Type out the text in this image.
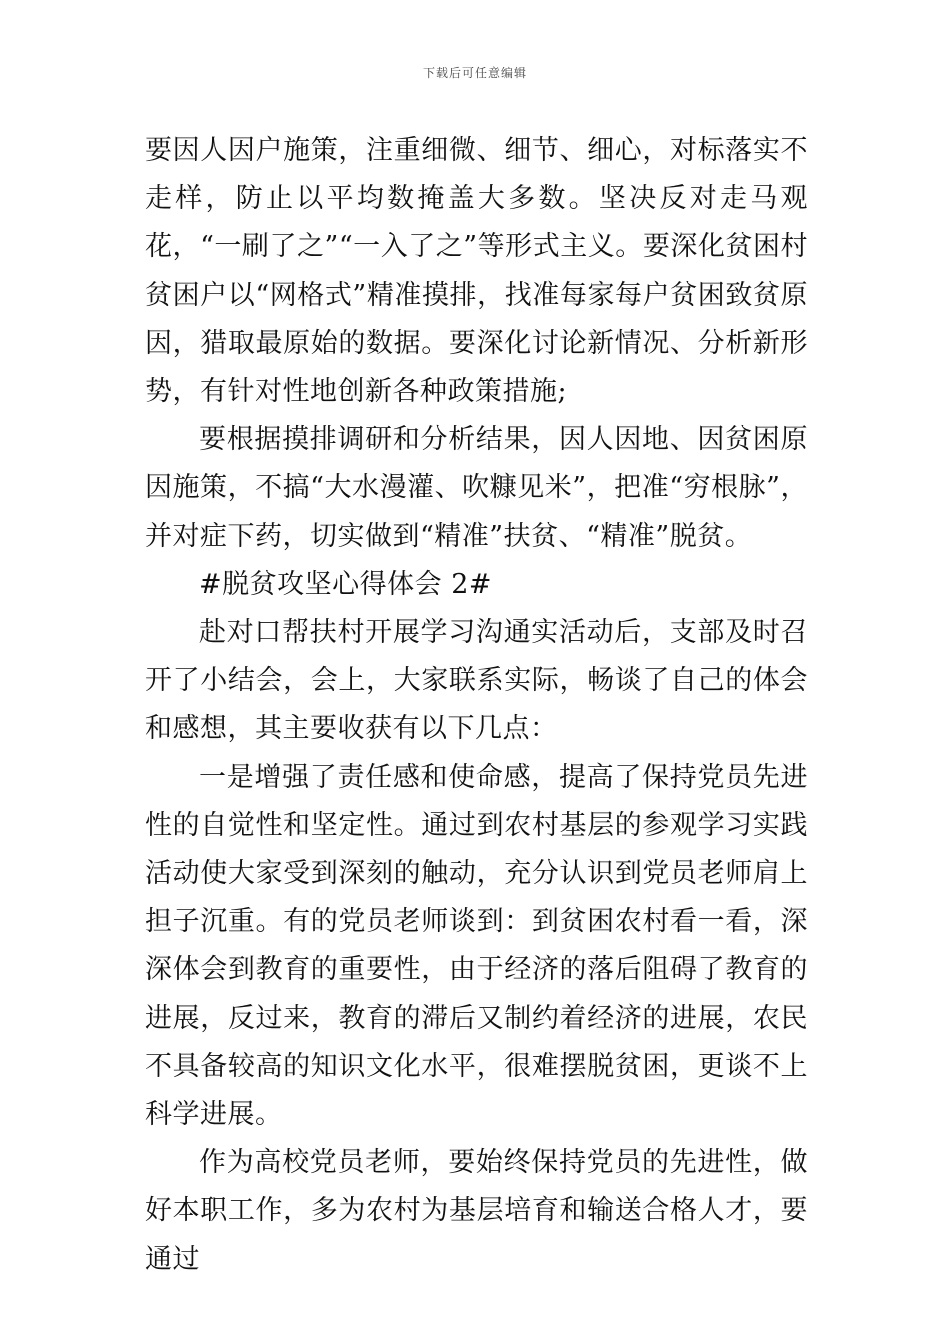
下载后可任意编辑

要因人因户施策，注重细微、细节、细心，对标落实不走样，防止以平均数掩盖大多数。坚决反对走马观花，“一刷了之”“一入了之”等形式主义。要深化贫困村贫困户以“网格式”精准摸排，找准每家每户贫困致贫原因，猎取最原始的数据。要深化讨论新情况、分析新形势，有针对性地创新各种政策措施;

要根据摸排调研和分析结果，因人因地、因贫困原因施策，不搞“大水漫灌、吹糠见米”，把准“穷根脉”，并对症下药，切实做到“精准”扶贫、“精准”脱贫。

#脱贫攻坚心得体会 2#

赴对口帮扶村开展学习沟通实活动后，支部及时召开了小结会，会上，大家联系实际，畅谈了自己的体会和感想，其主要收获有以下几点：

一是增强了责任感和使命感，提高了保持党员先进性的自觉性和坚定性。通过到农村基层的参观学习实践活动使大家受到深刻的触动，充分认识到党员老师肩上担子沉重。有的党员老师谈到：到贫困农村看一看，深深体会到教育的重要性，由于经济的落后阻碍了教育的进展，反过来，教育的滞后又制约着经济的进展，农民不具备较高的知识文化水平，很难摆脱贫困，更谈不上科学进展。

作为高校党员老师，要始终保持党员的先进性，做好本职工作，多为农村为基层培育和输送合格人才，要通过
